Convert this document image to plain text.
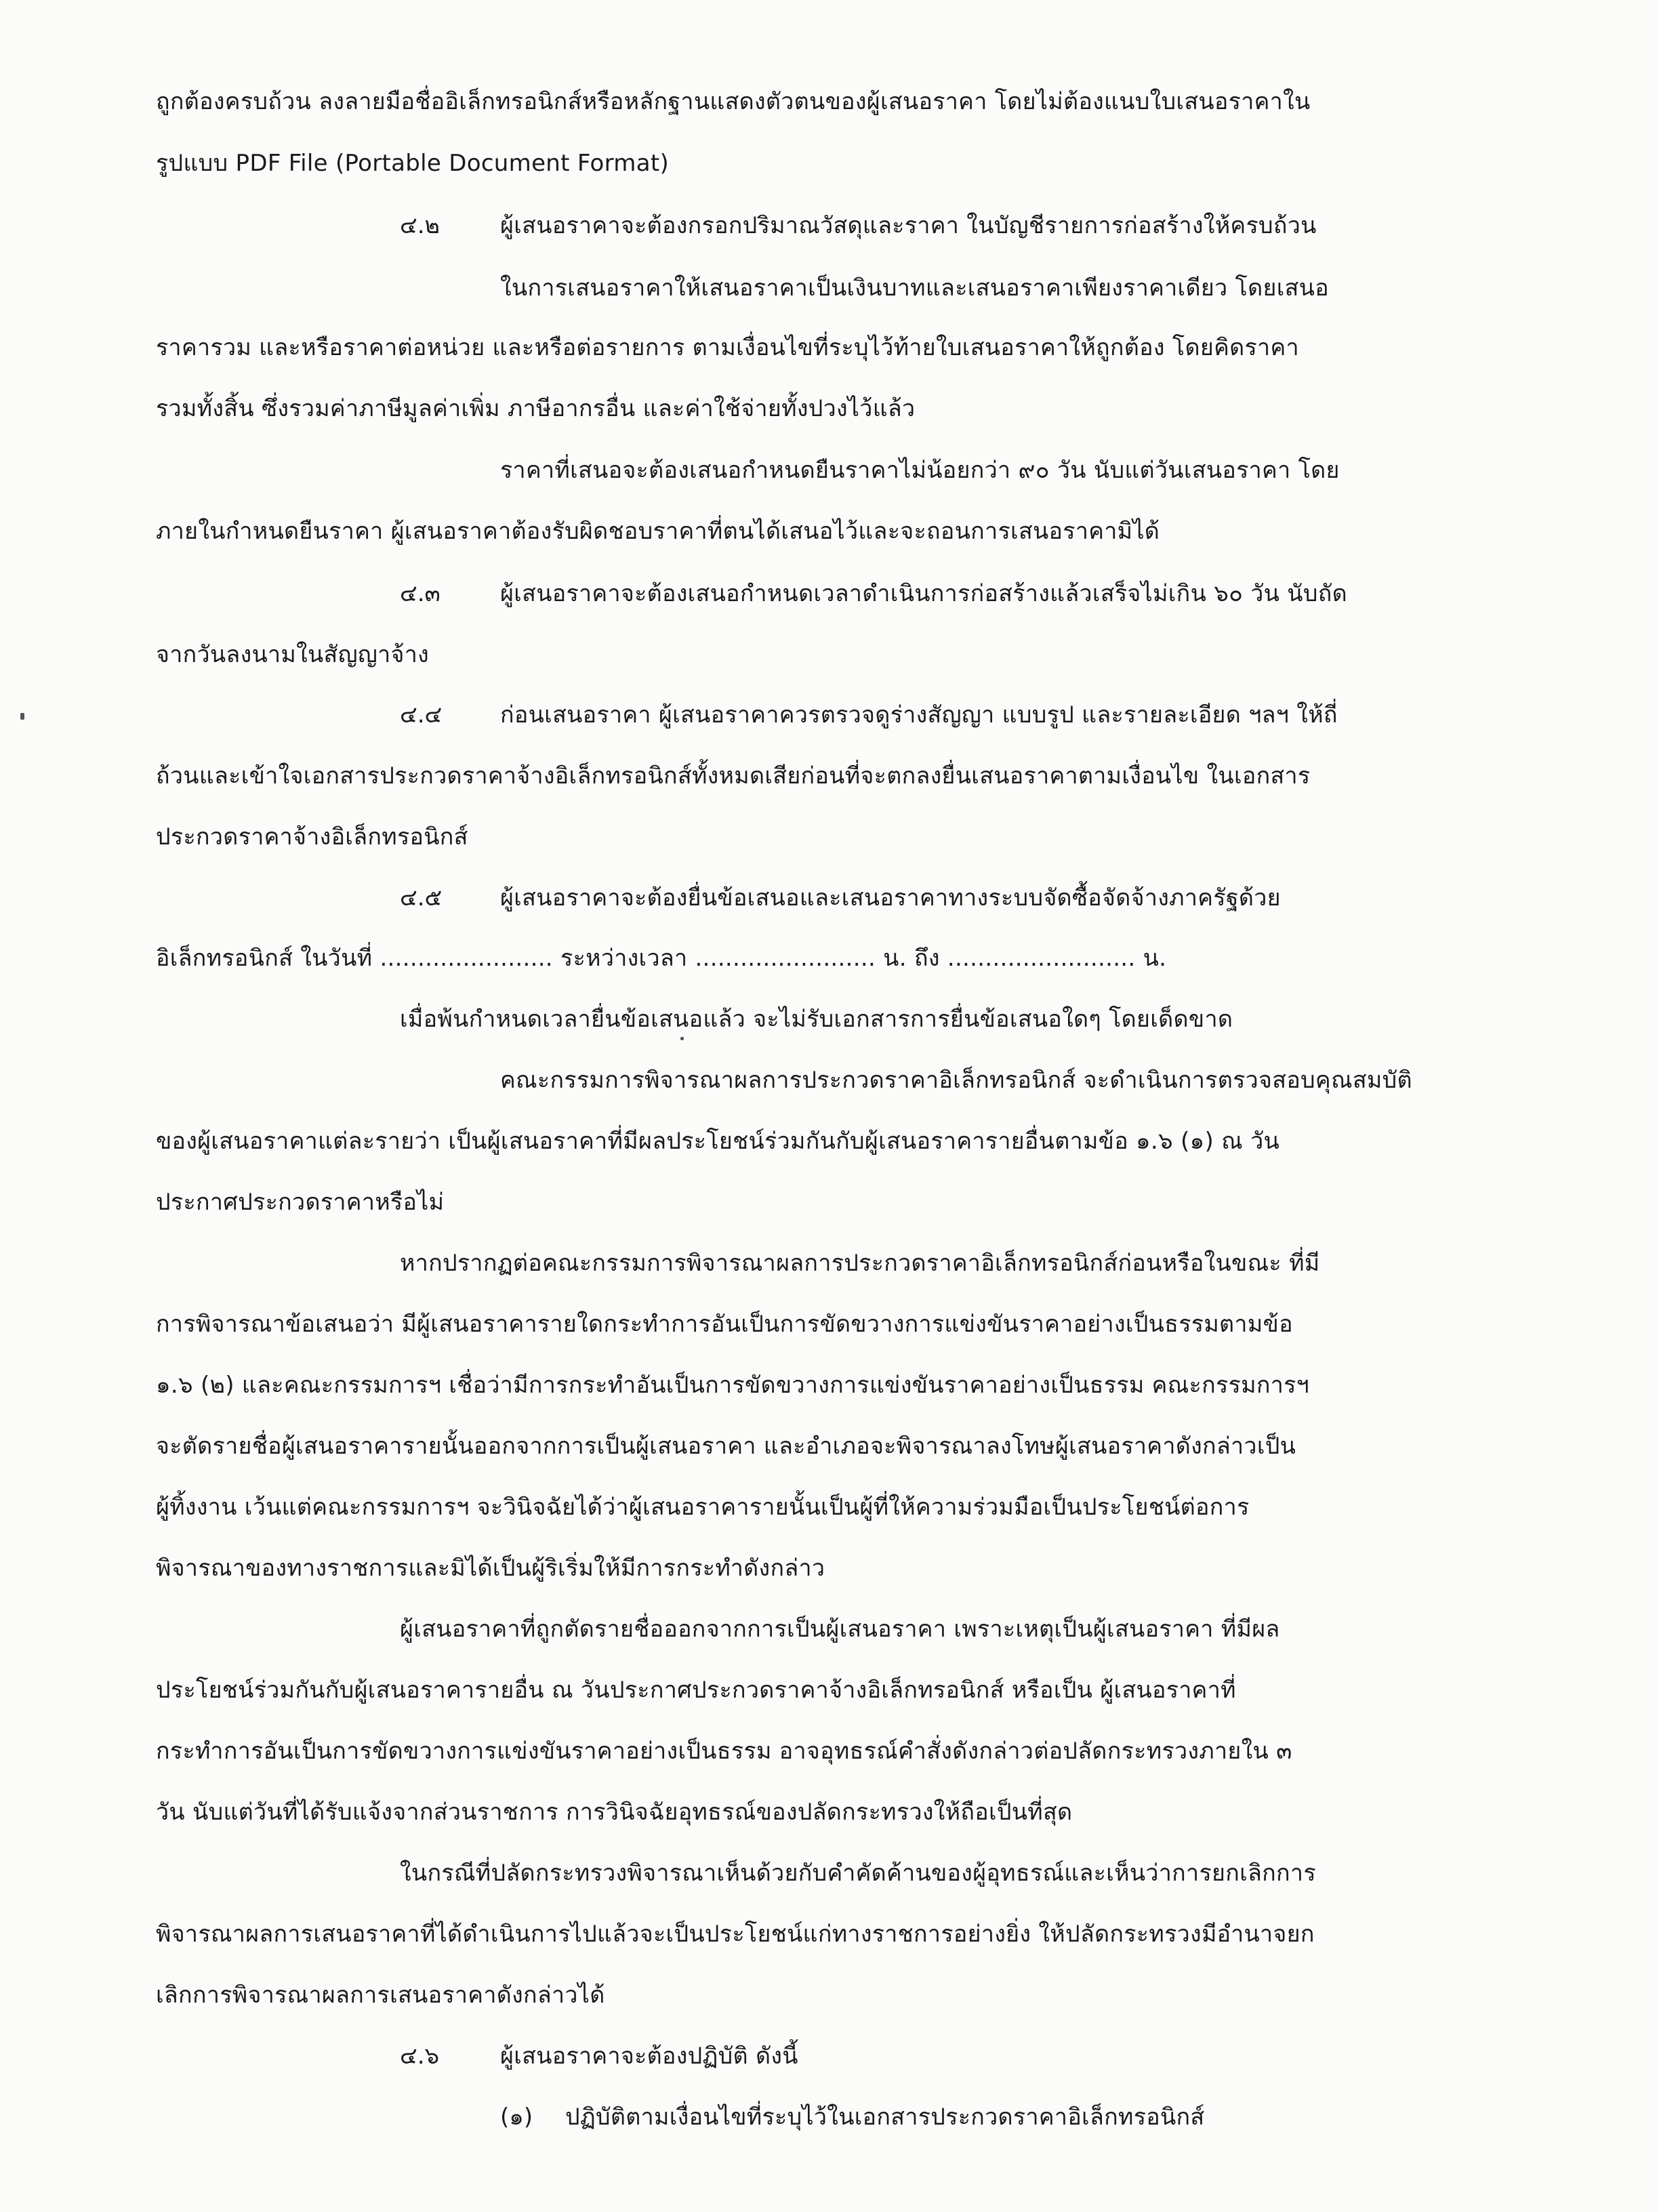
ถูกต้องครบถ้วน ลงลายมือชื่ออิเล็กทรอนิกส์หรือหลักฐานแสดงตัวตนของผู้เสนอราคา โดยไม่ต้องแนบใบเสนอราคาใน
รูปแบบ PDF File (Portable Document Format)
๔.๒	ผู้เสนอราคาจะต้องกรอกปริมาณวัสดุและราคา ในบัญชีรายการก่อสร้างให้ครบถ้วน
ในการเสนอราคาให้เสนอราคาเป็นเงินบาทและเสนอราคาเพียงราคาเดียว โดยเสนอ
ราคารวม และหรือราคาต่อหน่วย และหรือต่อรายการ ตามเงื่อนไขที่ระบุไว้ท้ายใบเสนอราคาให้ถูกต้อง โดยคิดราคา
รวมทั้งสิ้น ซึ่งรวมค่าภาษีมูลค่าเพิ่ม ภาษีอากรอื่น และค่าใช้จ่ายทั้งปวงไว้แล้ว
ราคาที่เสนอจะต้องเสนอกำหนดยืนราคาไม่น้อยกว่า ๙๐ วัน นับแต่วันเสนอราคา โดย
ภายในกำหนดยืนราคา ผู้เสนอราคาต้องรับผิดชอบราคาที่ตนได้เสนอไว้และจะถอนการเสนอราคามิได้
๔.๓	ผู้เสนอราคาจะต้องเสนอกำหนดเวลาดำเนินการก่อสร้างแล้วเสร็จไม่เกิน ๖๐ วัน นับถัด
จากวันลงนามในสัญญาจ้าง
๔.๔	ก่อนเสนอราคา ผู้เสนอราคาควรตรวจดูร่างสัญญา แบบรูป และรายละเอียด ฯลฯ ให้ถี่
ถ้วนและเข้าใจเอกสารประกวดราคาจ้างอิเล็กทรอนิกส์ทั้งหมดเสียก่อนที่จะตกลงยื่นเสนอราคาตามเงื่อนไข ในเอกสาร
ประกวดราคาจ้างอิเล็กทรอนิกส์
๔.๕	ผู้เสนอราคาจะต้องยื่นข้อเสนอและเสนอราคาทางระบบจัดซื้อจัดจ้างภาครัฐด้วย
อิเล็กทรอนิกส์ ในวันที่ ....................... ระหว่างเวลา ........................ น. ถึง ......................... น.
เมื่อพ้นกำหนดเวลายื่นข้อเสนอแล้ว จะไม่รับเอกสารการยื่นข้อเสนอใดๆ โดยเด็ดขาด
คณะกรรมการพิจารณาผลการประกวดราคาอิเล็กทรอนิกส์ จะดำเนินการตรวจสอบคุณสมบัติ
ของผู้เสนอราคาแต่ละรายว่า เป็นผู้เสนอราคาที่มีผลประโยชน์ร่วมกันกับผู้เสนอราคารายอื่นตามข้อ ๑.๖ (๑) ณ วัน
ประกาศประกวดราคาหรือไม่
หากปรากฏต่อคณะกรรมการพิจารณาผลการประกวดราคาอิเล็กทรอนิกส์ก่อนหรือในขณะ ที่มี
การพิจารณาข้อเสนอว่า มีผู้เสนอราคารายใดกระทำการอันเป็นการขัดขวางการแข่งขันราคาอย่างเป็นธรรมตามข้อ
๑.๖ (๒) และคณะกรรมการฯ เชื่อว่ามีการกระทำอันเป็นการขัดขวางการแข่งขันราคาอย่างเป็นธรรม คณะกรรมการฯ
จะตัดรายชื่อผู้เสนอราคารายนั้นออกจากการเป็นผู้เสนอราคา และอำเภอจะพิจารณาลงโทษผู้เสนอราคาดังกล่าวเป็น
ผู้ทิ้งงาน เว้นแต่คณะกรรมการฯ จะวินิจฉัยได้ว่าผู้เสนอราคารายนั้นเป็นผู้ที่ให้ความร่วมมือเป็นประโยชน์ต่อการ
พิจารณาของทางราชการและมิได้เป็นผู้ริเริ่มให้มีการกระทำดังกล่าว
ผู้เสนอราคาที่ถูกตัดรายชื่อออกจากการเป็นผู้เสนอราคา เพราะเหตุเป็นผู้เสนอราคา ที่มีผล
ประโยชน์ร่วมกันกับผู้เสนอราคารายอื่น ณ วันประกาศประกวดราคาจ้างอิเล็กทรอนิกส์ หรือเป็น ผู้เสนอราคาที่
กระทำการอันเป็นการขัดขวางการแข่งขันราคาอย่างเป็นธรรม อาจอุทธรณ์คำสั่งดังกล่าวต่อปลัดกระทรวงภายใน ๓
วัน นับแต่วันที่ได้รับแจ้งจากส่วนราชการ การวินิจฉัยอุทธรณ์ของปลัดกระทรวงให้ถือเป็นที่สุด
ในกรณีที่ปลัดกระทรวงพิจารณาเห็นด้วยกับคำคัดค้านของผู้อุทธรณ์และเห็นว่าการยกเลิกการ
พิจารณาผลการเสนอราคาที่ได้ดำเนินการไปแล้วจะเป็นประโยชน์แก่ทางราชการอย่างยิ่ง ให้ปลัดกระทรวงมีอำนาจยก
เลิกการพิจารณาผลการเสนอราคาดังกล่าวได้
๔.๖	ผู้เสนอราคาจะต้องปฏิบัติ ดังนี้
(๑) ปฏิบัติตามเงื่อนไขที่ระบุไว้ในเอกสารประกวดราคาอิเล็กทรอนิกส์
